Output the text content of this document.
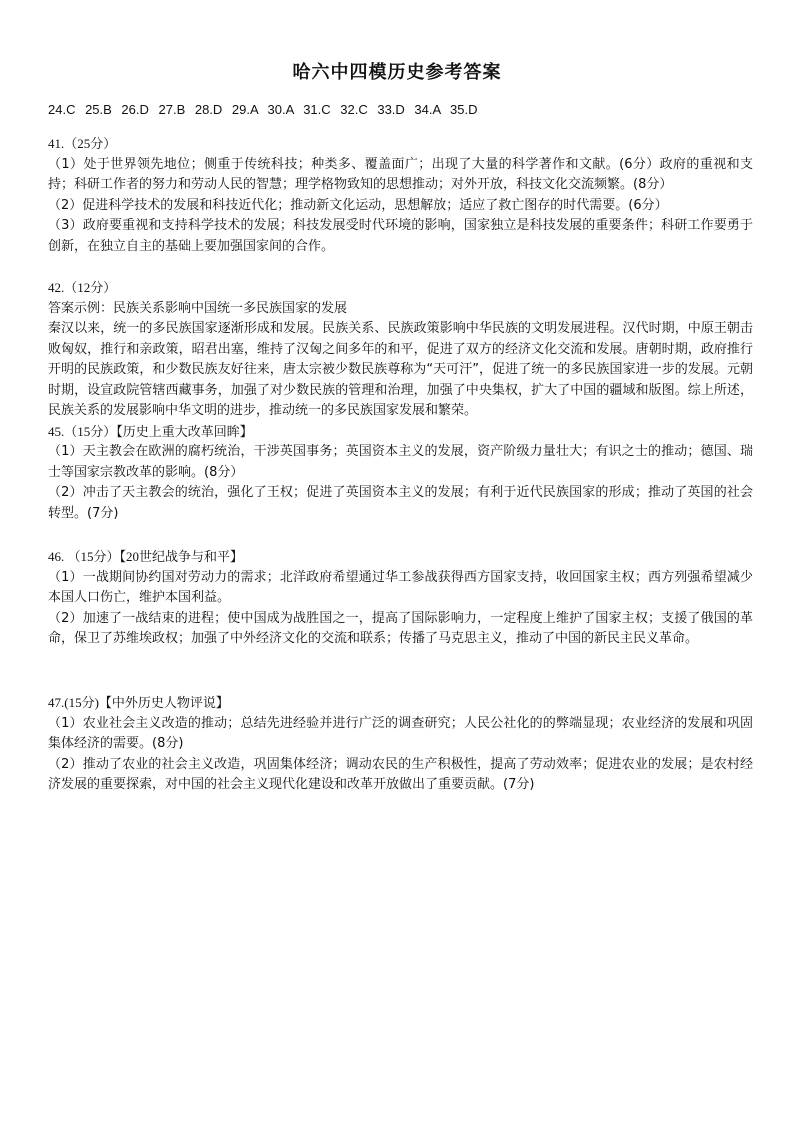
哈六中四模历史参考答案
24.C 25.B 26.D 27.B 28.D 29.A 30.A 31.C 32.C 33.D 34.A 35.D

41.（25分）

（1）处于世界领先地位；侧重于传统科技；种类多、覆盖面广；出现了大量的科学著作和文献。(6分）政府的重视和支持；科研工作者的努力和劳动人民的智慧；理学格物致知的思想推动；对外开放，科技文化交流频繁。(8分）

（2）促进科学技术的发展和科技近代化；推动新文化运动，思想解放；适应了救亡图存的时代需要。(6分）

（3）政府要重视和支持科学技术的发展；科技发展受时代环境的影响，国家独立是科技发展的重要条件；科研工作要勇于创新，在独立自主的基础上要加强国家间的合作。

42.（12分）

答案示例：民族关系影响中国统一多民族国家的发展

秦汉以来，统一的多民族国家逐渐形成和发展。民族关系、民族政策影响中华民族的文明发展进程。汉代时期，中原王朝击败匈奴，推行和亲政策，昭君出塞，维持了汉匈之间多年的和平，促进了双方的经济文化交流和发展。唐朝时期，政府推行开明的民族政策，和少数民族友好往来，唐太宗被少数民族尊称为“天可汗”，促进了统一的多民族国家进一步的发展。元朝时期，设宣政院管辖西藏事务，加强了对少数民族的管理和治理，加强了中央集权，扩大了中国的疆域和版图。综上所述，民族关系的发展影响中华文明的进步，推动统一的多民族国家发展和繁荣。

45.（15分）【历史上重大改革回眸】

（1）天主教会在欧洲的腐朽统治，干涉英国事务；英国资本主义的发展，资产阶级力量壮大；有识之士的推动；德国、瑞士等国家宗教改革的影响。(8分）

（2）冲击了天主教会的统治，强化了王权；促进了英国资本主义的发展；有利于近代民族国家的形成；推动了英国的社会转型。(7分)

46. （15分）【20世纪战争与和平】

（1）一战期间协约国对劳动力的需求；北洋政府希望通过华工参战获得西方国家支持，收回国家主权；西方列强希望减少本国人口伤亡，维护本国利益。

（2）加速了一战结束的进程；使中国成为战胜国之一，提高了国际影响力，一定程度上维护了国家主权；支援了俄国的革命，保卫了苏维埃政权；加强了中外经济文化的交流和联系；传播了马克思主义，推动了中国的新民主民义革命。

47.(15分)【中外历史人物评说】

（1）农业社会主义改造的推动；总结先进经验并进行广泛的调查研究；人民公社化的的弊端显现；农业经济的发展和巩固集体经济的需要。(8分)

（2）推动了农业的社会主义改造，巩固集体经济；调动农民的生产积极性，提高了劳动效率；促进农业的发展；是农村经济发展的重要探索，对中国的社会主义现代化建设和改革开放做出了重要贡献。(7分)
